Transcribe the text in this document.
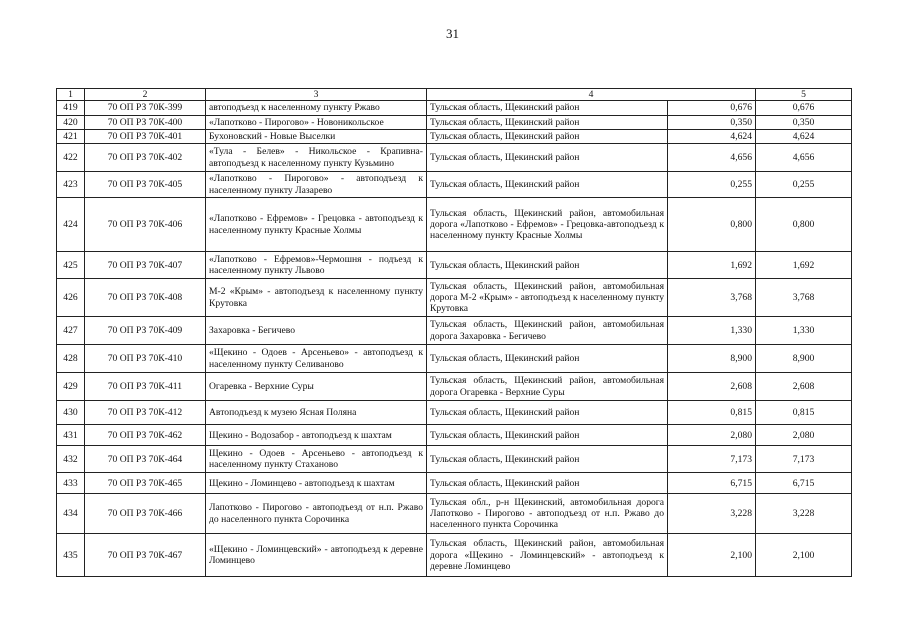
31
1	2	3	4		5
419	70 ОП РЗ 70К-399	автоподъезд к населенному пункту Ржаво	Тульская область, Щекинский район	0,676	0,676
420	70 ОП РЗ 70К-400	«Лапотково - Пирогово» - Новоникольское	Тульская область, Щекинский район	0,350	0,350
421	70 ОП РЗ 70К-401	Бухоновский - Новые Выселки	Тульская область, Щекинский район	4,624	4,624
422	70 ОП РЗ 70К-402	«Тула - Белев» - Никольское - Крапивна-автоподъезд к населенному пункту Кузьмино	Тульская область, Щекинский район	4,656	4,656
423	70 ОП РЗ 70К-405	«Лапотково - Пирогово» - автоподъезд к населенному пункту Лазарево	Тульская область, Щекинский район	0,255	0,255
424	70 ОП РЗ 70К-406	«Лапотково - Ефремов» - Грецовка - автоподъезд к населенному пункту Красные Холмы	Тульская область, Щекинский район, автомобильная дорога «Лапотково - Ефремов» - Грецовка-автоподъезд к населенному пункту Красные Холмы	0,800	0,800
425	70 ОП РЗ 70К-407	«Лапотково - Ефремов»-Чермошня - подъезд к населенному пункту Львово	Тульская область, Щекинский район	1,692	1,692
426	70 ОП РЗ 70К-408	М-2 «Крым» - автоподъезд к населенному пункту Крутовка	Тульская область, Щекинский район, автомобильная дорога М-2 «Крым» - автоподъезд к населенному пункту Крутовка	3,768	3,768
427	70 ОП РЗ 70К-409	Захаровка - Бегичево	Тульская область, Щекинский район, автомобильная дорога Захаровка - Бегичево	1,330	1,330
428	70 ОП РЗ 70К-410	«Щекино - Одоев - Арсеньево» - автоподъезд к населенному пункту Селиваново	Тульская область, Щекинский район	8,900	8,900
429	70 ОП РЗ 70К-411	Огаревка - Верхние Суры	Тульская область, Щекинский район, автомобильная дорога Огаревка - Верхние Суры	2,608	2,608
430	70 ОП РЗ 70К-412	Автоподъезд к музею Ясная Поляна	Тульская область, Щекинский район	0,815	0,815
431	70 ОП РЗ 70К-462	Щекино - Водозабор - автоподъезд к шахтам	Тульская область, Щекинский район	2,080	2,080
432	70 ОП РЗ 70К-464	Щекино - Одоев - Арсеньево - автоподъезд к населенному пункту Стаханово	Тульская область, Щекинский район	7,173	7,173
433	70 ОП РЗ 70К-465	Щекино - Ломинцево - автоподъезд к шахтам	Тульская область, Щекинский район	6,715	6,715
434	70 ОП РЗ 70К-466	Лапотково - Пирогово - автоподъезд от н.п. Ржаво до населенного пункта Сорочинка	Тульская обл., р-н Щекинский, автомобильная дорога Лапотково - Пирогово - автоподъезд от н.п. Ржаво до населенного пункта Сорочинка	3,228	3,228
435	70 ОП РЗ 70К-467	«Щекино - Ломинцевский» - автоподъезд к деревне Ломинцево	Тульская область, Щекинский район, автомобильная дорога «Щекино - Ломинцевский» - автоподъезд к деревне Ломинцево	2,100	2,100
